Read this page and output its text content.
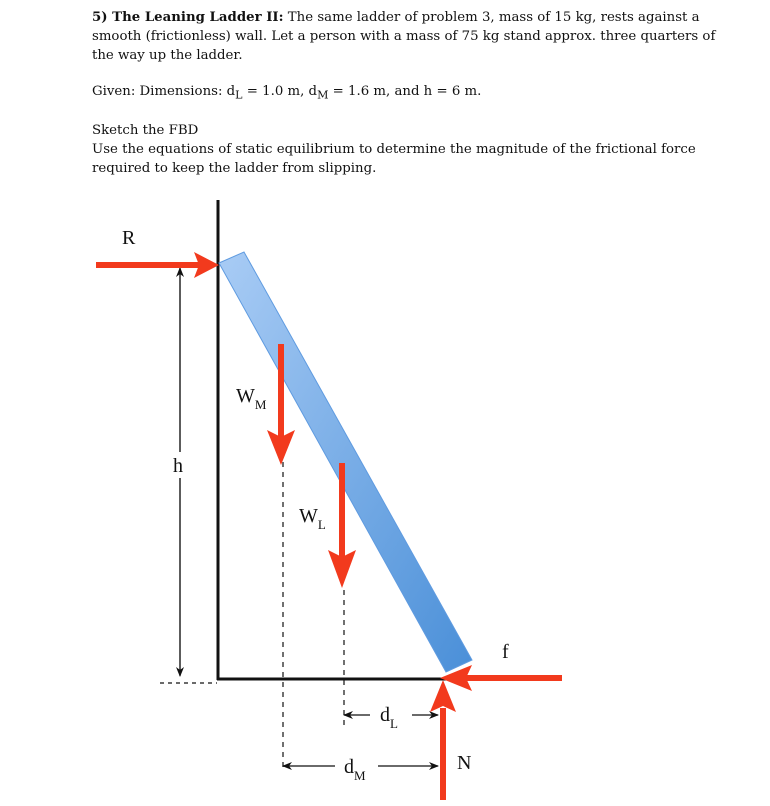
5) The Leaning Ladder II: The same ladder of problem 3, mass of 15 kg, rests against a smooth (frictionless) wall. Let a person with a mass of 75 kg stand approx. three quarters of the way up the ladder.

Given: Dimensions: $d_L = 1.0$ m, $d_M = 1.6$ m, and h = 6 m.

Sketch the FBD

Use the equations of static equilibrium to determine the magnitude of the frictional force required to keep the ladder from slipping.

h
R
$d_L$
$d_M$
$W_M$
$W_L$
f
N
